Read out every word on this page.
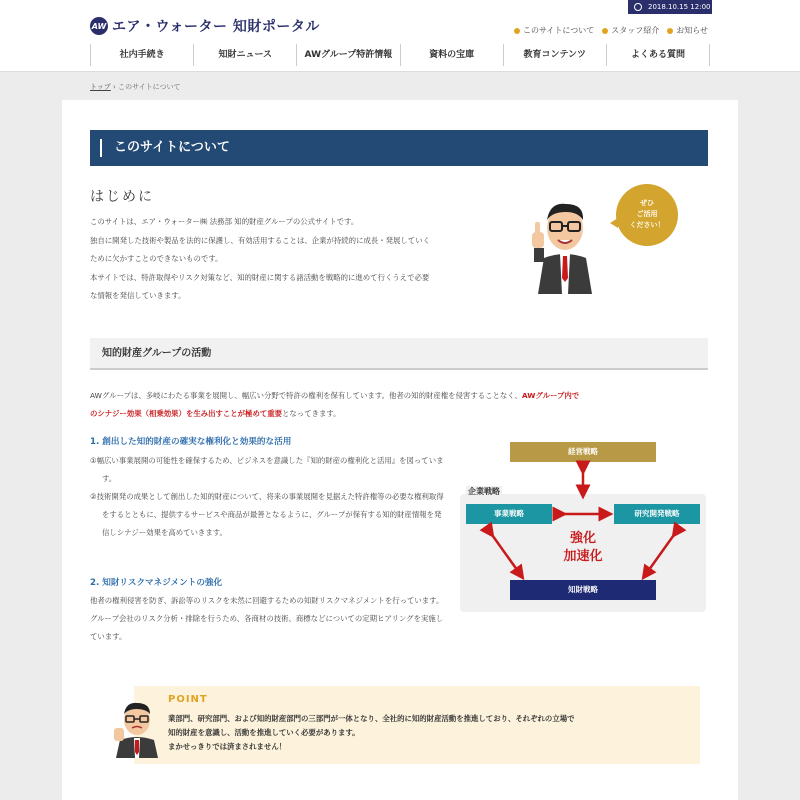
2018.10.15 12:00
AW エア・ウォーター 知財ポータル	このサイトについて	スタッフ紹介	お知らせ
社内手続き	知財ニュース	AWグループ特許情報	資料の宝庫	教育コンテンツ	よくある質問
トップ › このサイトについて
このサイトについて
はじめに
このサイトは、エア・ウォーター㈱ 法務部 知的財産グループの公式サイトです。
独自に開発した技術や製品を法的に保護し、有効活用することは、企業が持続的に成長・発展していく
ために欠かすことのできないものです。
本サイトでは、特許取得やリスク対策など、知的財産に関する諸活動を戦略的に進めて行くうえで必要
な情報を発信していきます。
ぜひ
ご活用
ください！
知的財産グループの活動
AWグループは、多岐にわたる事業を展開し、幅広い分野で特許の権利を保有しています。他者の知的財産権を侵害することなく、AWグループ内で
のシナジー効果（相乗効果）を生み出すことが極めて重要となってきます。
1. 創出した知的財産の確実な権利化と効果的な活用
①幅広い事業展開の可能性を確保するため、ビジネスを意識した『知的財産の権利化と活用』を図っています。
②技術開発の成果として創出した知的財産について、将来の事業展開を見据えた特許権等の必要な権利取得をするとともに、提供するサービスや商品が最善となるように、グループが保有する知的財産情報を発信しシナジー効果を高めていきます。
2. 知財リスクマネジメントの強化
他者の権利侵害を防ぎ、訴訟等のリスクを未然に回避するための知財リスクマネジメントを行っています。
グループ会社のリスク分析・排除を行うため、各商材の技術、商標などについての定期ヒアリングを実施しています。
企業戦略
経営戦略
事業戦略	研究開発戦略
知財戦略
強化
加速化
POINT
業部門、研究部門、および知的財産部門の三部門が一体となり、全社的に知的財産活動を推進しており、それぞれの立場で
知的財産を意識し、活動を推進していく必要があります。
まかせっきりでは済まされません！
